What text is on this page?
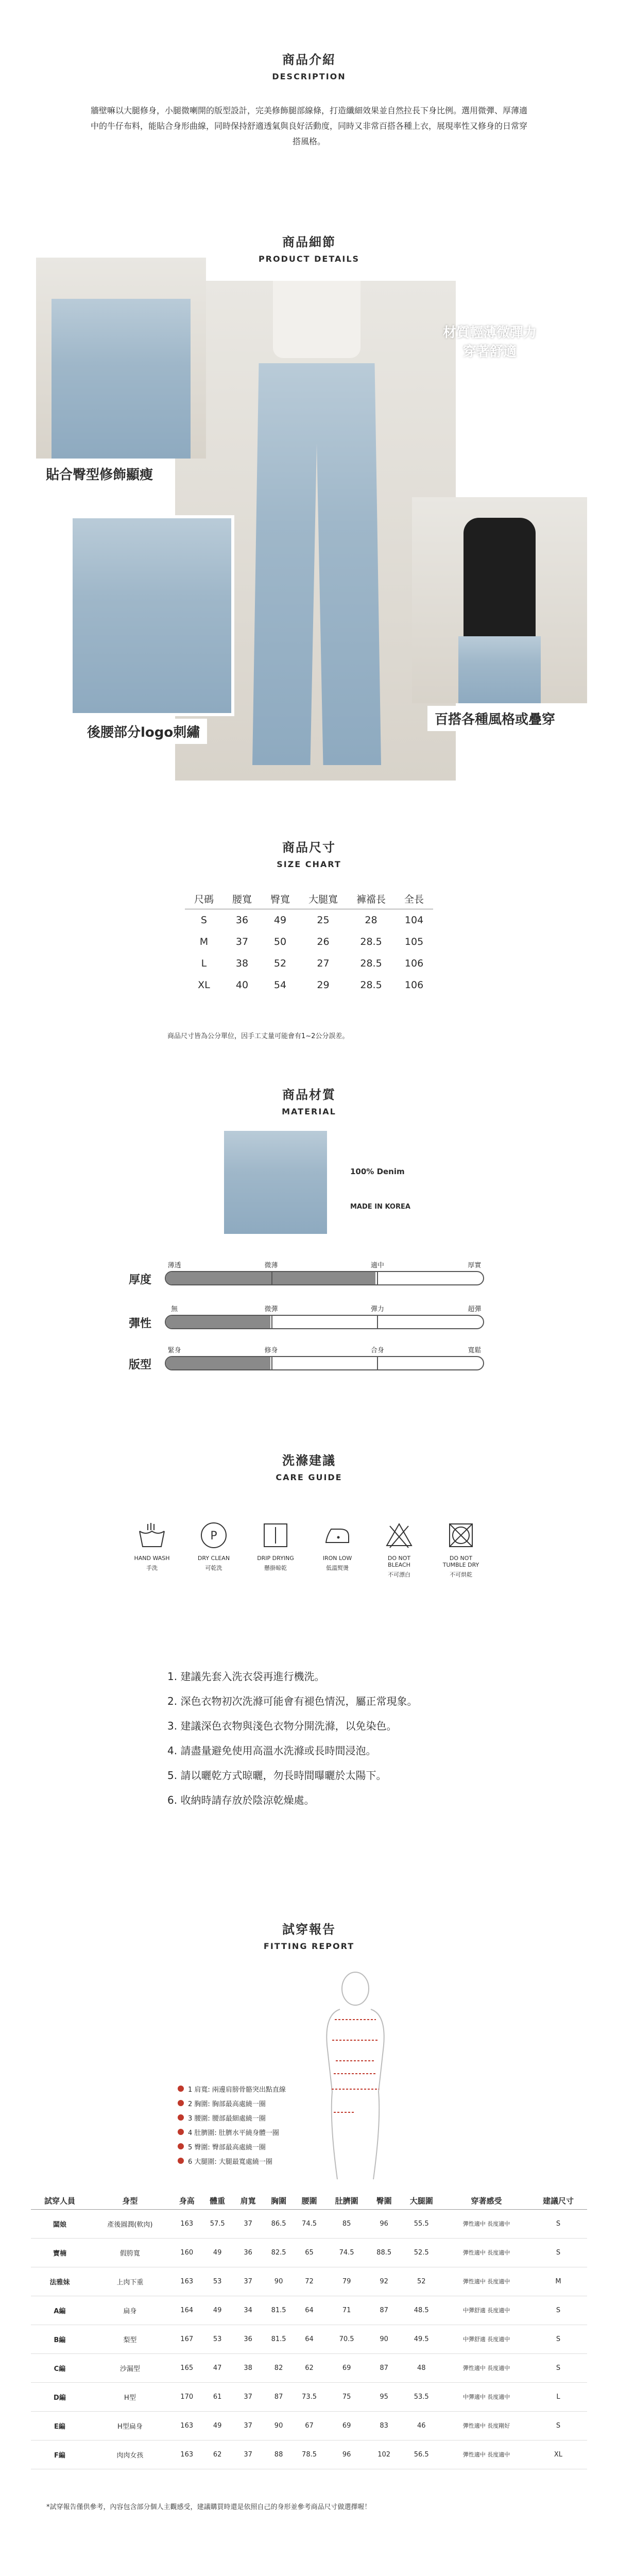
商品介紹
DESCRIPTION
牆壁嘛以大腿修身，小腿微喇開的版型設計，完美修飾腿部線條，打造纖細效果並自然拉長下身比例。選用微彈、厚薄適中的牛仔布料，能貼合身形曲線，同時保持舒適透氣與良好活動度，同時又非常百搭各種上衣，展現率性又修身的日常穿搭風格。
商品細節
PRODUCT DETAILS
貼合臀型修飾顯瘦
材質輕薄微彈力
穿著舒適
後腰部分logo刺繡
百搭各種風格或疊穿
商品尺寸
SIZE CHART
尺碼	腰寬	臀寬	大腿寬	褲襠長	全長
S	36	49	25	28	104
M	37	50	26	28.5	105
L	38	52	27	28.5	106
XL	40	54	29	28.5	106
商品尺寸皆為公分單位，因手工丈量可能會有1~2公分誤差。
商品材質
MATERIAL
100% Denim
MADE IN KOREA
厚度
薄透	微薄	適中	厚實
彈性
無	微彈	彈力	超彈
版型
緊身	修身	合身	寬鬆
洗滌建議
CARE GUIDE
HAND WASH
手洗
P
DRY CLEAN
可乾洗
DRIP DRYING
懸掛晾乾
IRON LOW
低溫熨燙
DO NOT BLEACH
不可漂白
DO NOT TUMBLE DRY
不可烘乾
1. 建議先套入洗衣袋再進行機洗。
2. 深色衣物初次洗滌可能會有褪色情況，屬正常現象。
3. 建議深色衣物與淺色衣物分開洗滌，以免染色。
4. 請盡量避免使用高溫水洗滌或長時間浸泡。
5. 請以曬乾方式晾曬，勿長時間曝曬於太陽下。
6. 收納時請存放於陰涼乾燥處。
試穿報告
FITTING REPORT
1 肩寬: 兩邊肩膀骨骼突出點直線
2 胸圍: 胸部最高處繞一圈
3 腰圍: 腰部最細處繞一圈
4 肚臍圍: 肚臍水平繞身體一圈
5 臀圍: 臀部最高處繞一圈
6 大腿圍: 大腿最寬處繞一圈
試穿人員	身型	身高	體重	肩寬	胸圍	腰圍	肚臍圍	臀圍	大腿圍	穿著感受	建議尺寸
闆娘	產後圓潤(軟肉)	163	57.5	37	86.5	74.5	85	96	55.5	彈性適中 長度適中	S
寶楠	假胯寬	160	49	36	82.5	65	74.5	88.5	52.5	彈性適中 長度適中	S
法雅妹	上肉下重	163	53	37	90	72	79	92	52	彈性適中 長度適中	M
A編	扁身	164	49	34	81.5	64	71	87	48.5	中彈舒適 長度適中	S
B編	梨型	167	53	36	81.5	64	70.5	90	49.5	中彈舒適 長度適中	S
C編	沙漏型	165	47	38	82	62	69	87	48	彈性適中 長度適中	S
D編	H型	170	61	37	87	73.5	75	95	53.5	中彈適中 長度適中	L
E編	H型扁身	163	49	37	90	67	69	83	46	彈性適中 長度剛好	S
F編	肉肉女孩	163	62	37	88	78.5	96	102	56.5	彈性適中 長度適中	XL
*試穿報告僅供參考，內容包含部分個人主觀感受，建議購買時還是依照自己的身形並參考商品尺寸做選擇喔！
